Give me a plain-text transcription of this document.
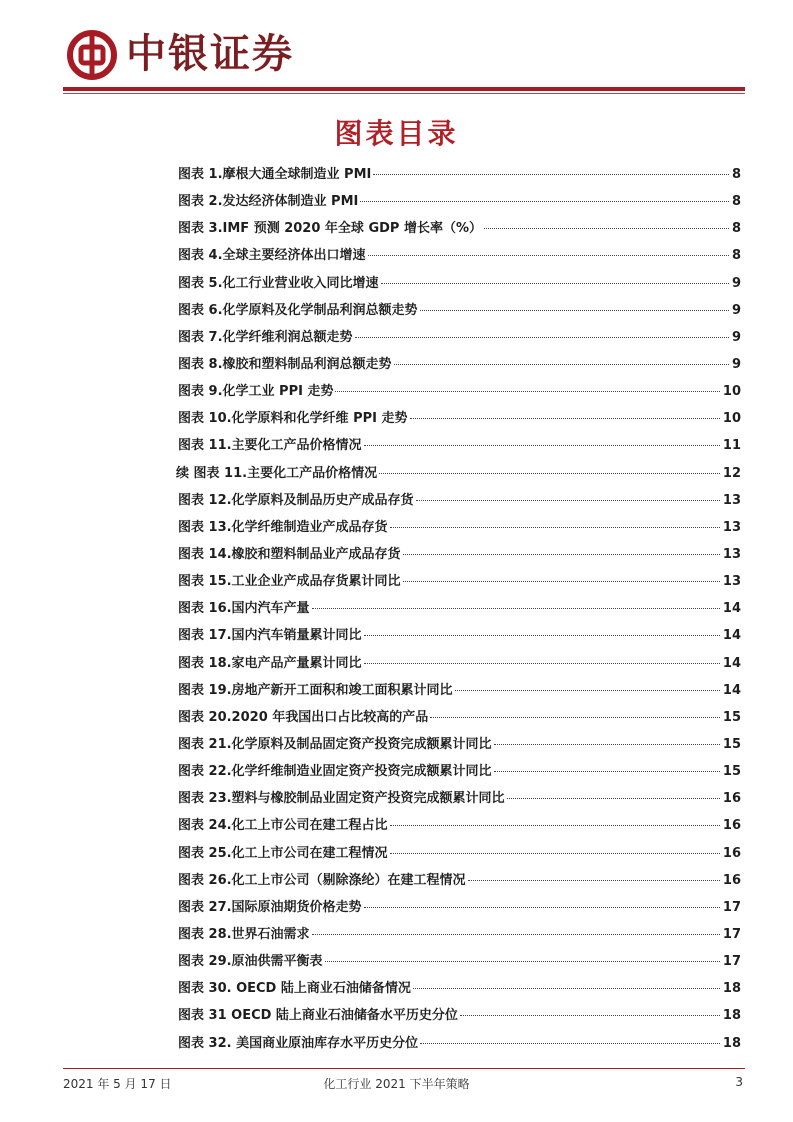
中银证券
图表目录
图表 1.摩根大通全球制造业 PMI	8
图表 2.发达经济体制造业 PMI	8
图表 3.IMF 预测 2020 年全球 GDP 增长率（%）	8
图表 4.全球主要经济体出口增速	8
图表 5.化工行业营业收入同比增速	9
图表 6.化学原料及化学制品利润总额走势	9
图表 7.化学纤维利润总额走势	9
图表 8.橡胶和塑料制品利润总额走势	9
图表 9.化学工业 PPI 走势	10
图表 10.化学原料和化学纤维 PPI 走势	10
图表 11.主要化工产品价格情况	11
续 图表 11.主要化工产品价格情况	12
图表 12.化学原料及制品历史产成品存货	13
图表 13.化学纤维制造业产成品存货	13
图表 14.橡胶和塑料制品业产成品存货	13
图表 15.工业企业产成品存货累计同比	13
图表 16.国内汽车产量	14
图表 17.国内汽车销量累计同比	14
图表 18.家电产品产量累计同比	14
图表 19.房地产新开工面积和竣工面积累计同比	14
图表 20.2020 年我国出口占比较高的产品	15
图表 21.化学原料及制品固定资产投资完成额累计同比	15
图表 22.化学纤维制造业固定资产投资完成额累计同比	15
图表 23.塑料与橡胶制品业固定资产投资完成额累计同比	16
图表 24.化工上市公司在建工程占比	16
图表 25.化工上市公司在建工程情况	16
图表 26.化工上市公司（剔除涤纶）在建工程情况	16
图表 27.国际原油期货价格走势	17
图表 28.世界石油需求	17
图表 29.原油供需平衡表	17
图表 30. OECD 陆上商业石油储备情况	18
图表 31 OECD 陆上商业石油储备水平历史分位	18
图表 32. 美国商业原油库存水平历史分位	18
2021 年 5 月 17 日	化工行业 2021 下半年策略	3
